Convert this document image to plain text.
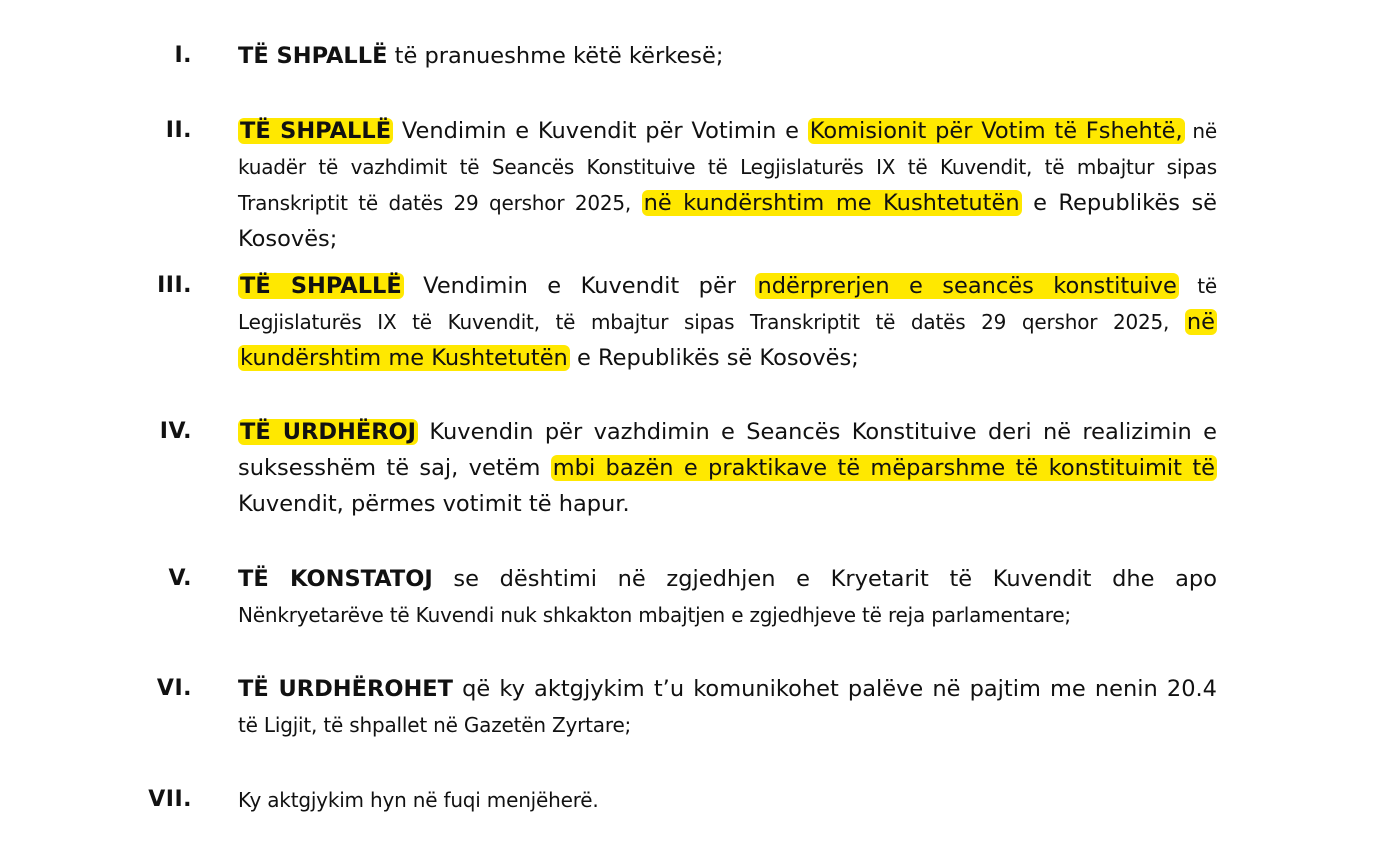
I. TË SHPALLË të pranueshme këtë kërkesë;
II. TË SHPALLË Vendimin e Kuvendit për Votimin e Komisionit për Votim të Fshehtë, në kuadër të vazhdimit të Seancës Konstituive të Legjislaturës IX të Kuvendit, të mbajtur sipas Transkriptit të datës 29 qershor 2025, në kundërshtim me Kushtetutën e Republikës së Kosovës;
III. TË SHPALLË Vendimin e Kuvendit për ndërprerjen e seancës konstituive të Legjislaturës IX të Kuvendit, të mbajtur sipas Transkriptit të datës 29 qershor 2025, në kundërshtim me Kushtetutën e Republikës së Kosovës;
IV. TË URDHËROJ Kuvendin për vazhdimin e Seancës Konstituive deri në realizimin e suksesshëm të saj, vetëm mbi bazën e praktikave të mëparshme të konstituimit të Kuvendit, përmes votimit të hapur.
V. TË KONSTATOJ se dështimi në zgjedhjen e Kryetarit të Kuvendit dhe apo Nënkryetarëve të Kuvendi nuk shkakton mbajtjen e zgjedhjeve të reja parlamentare;
VI. TË URDHËROHET që ky aktgjykim t’u komunikohet palëve në pajtim me nenin 20.4 të Ligjit, të shpallet në Gazetën Zyrtare;
VII. Ky aktgjykim hyn në fuqi menjëherë.
